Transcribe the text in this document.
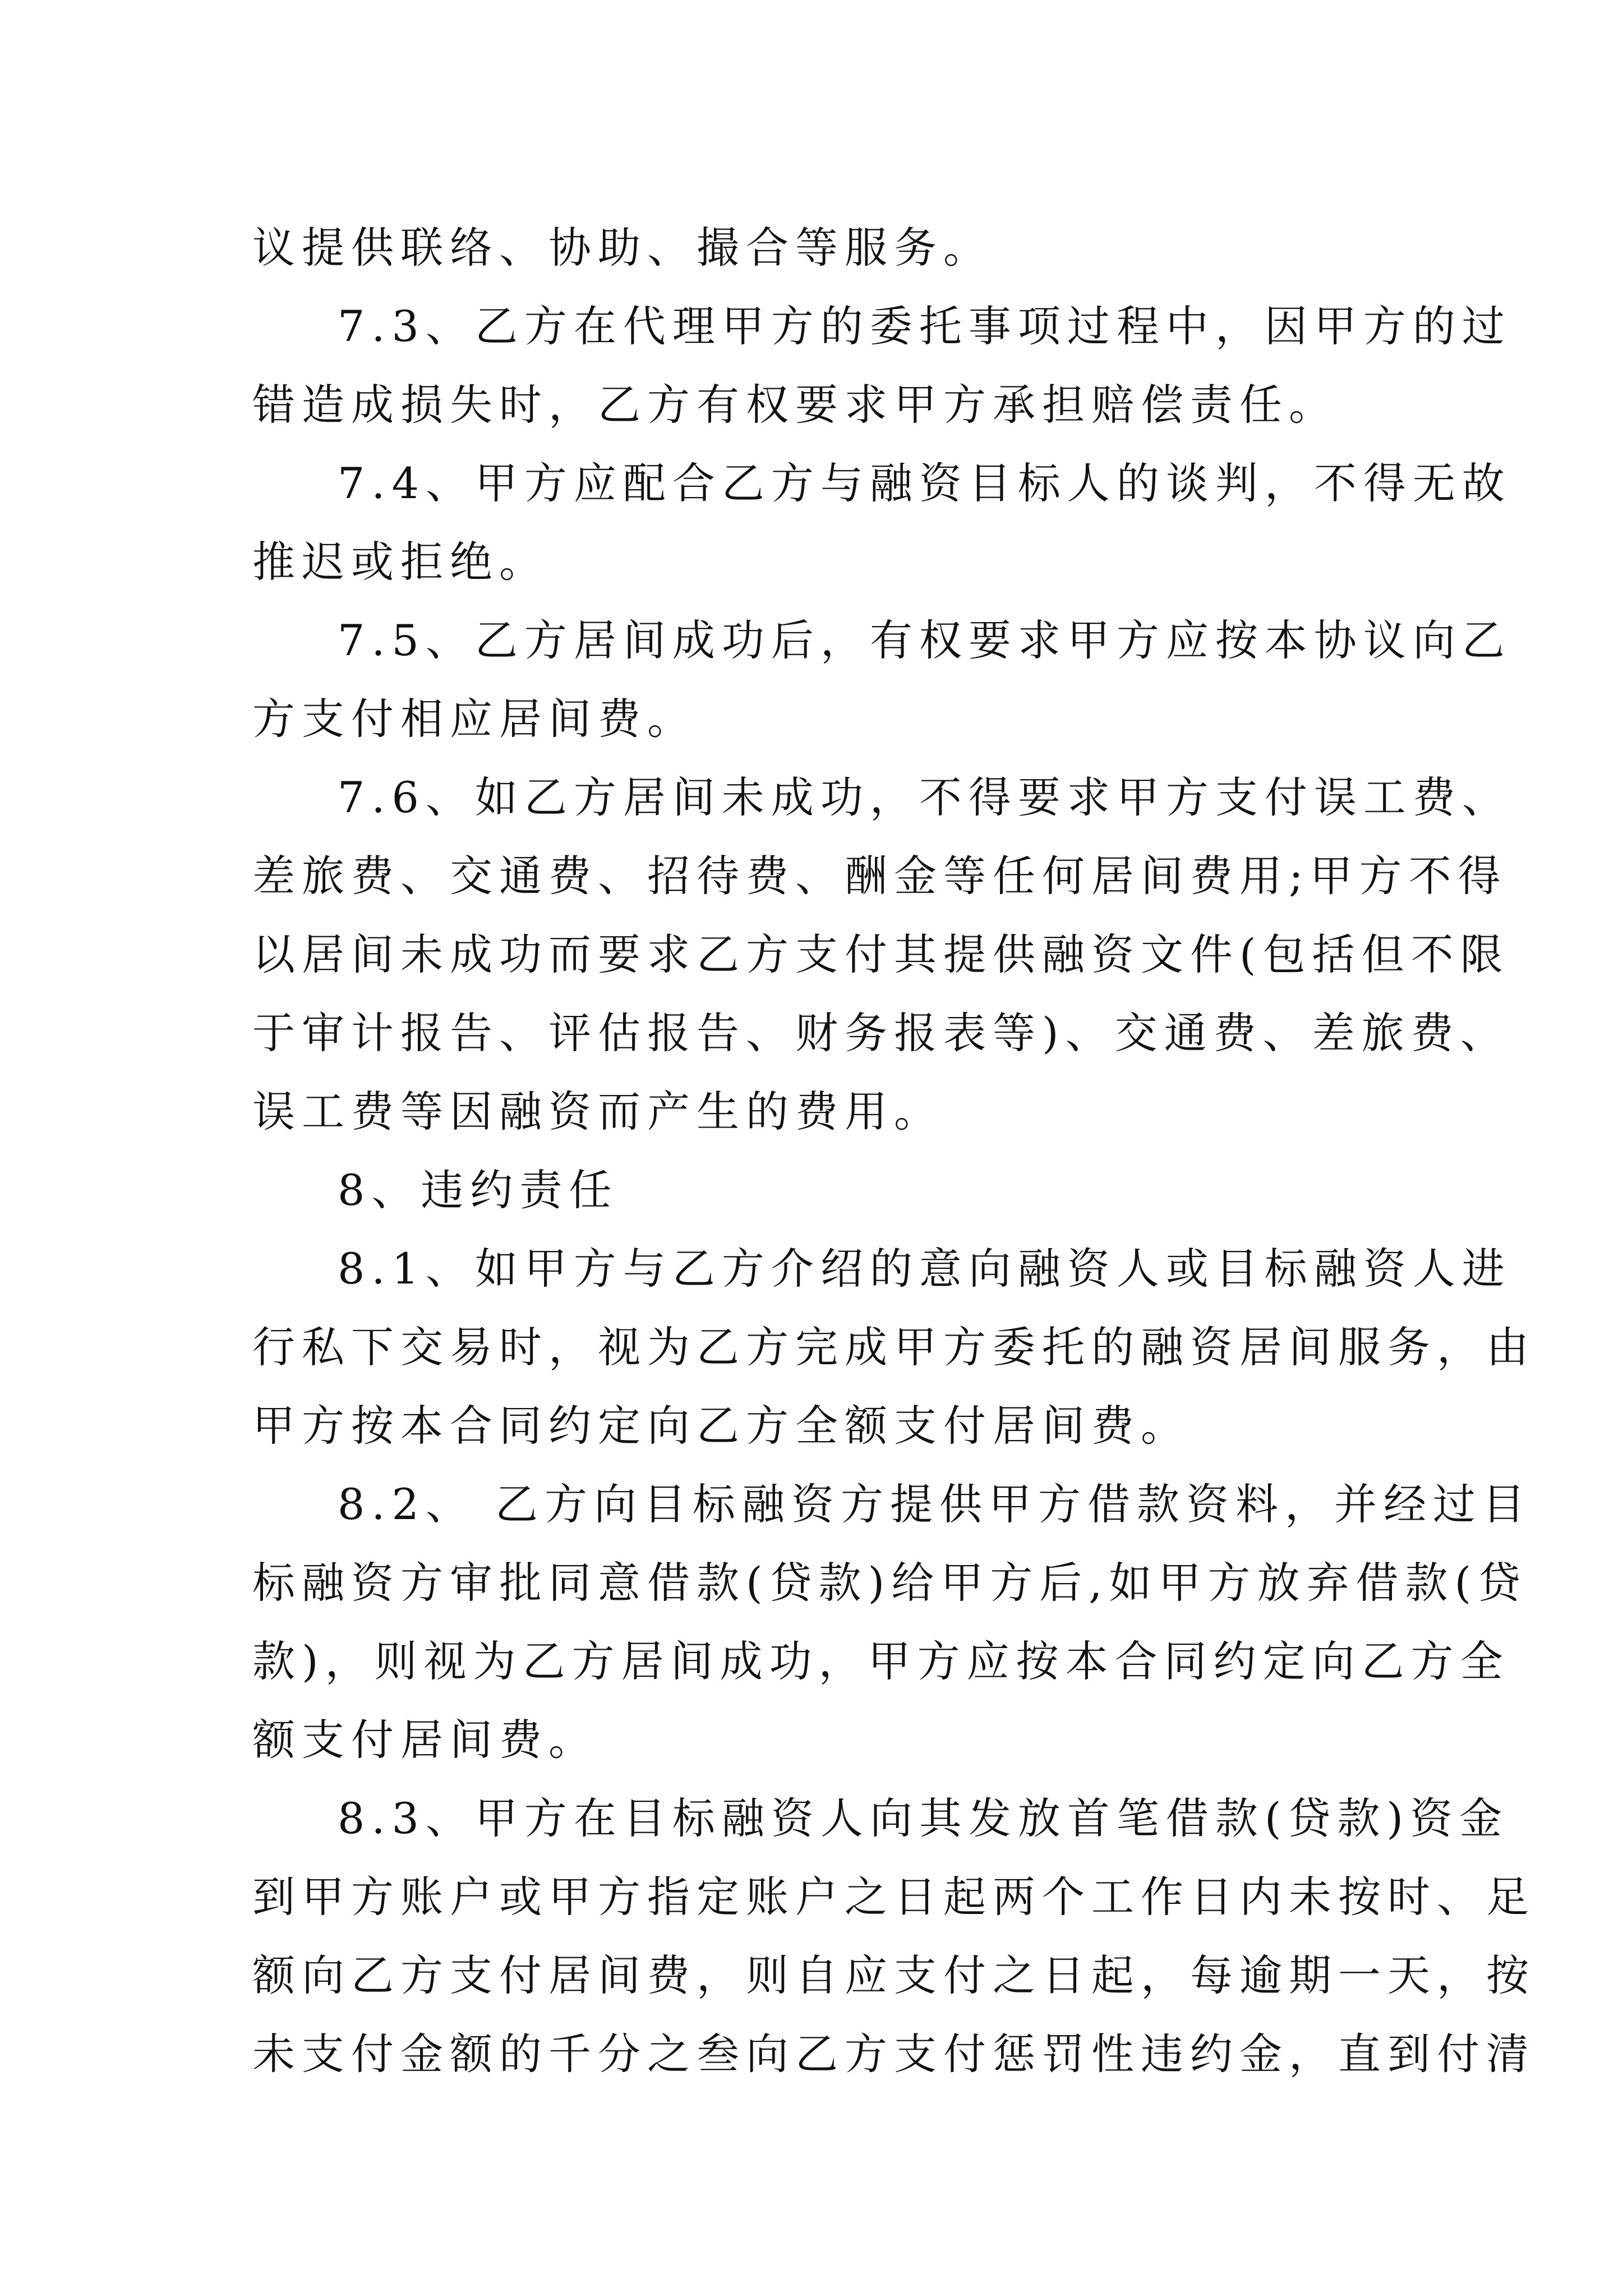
议提供联络、协助、撮合等服务。
7.3、乙方在代理甲方的委托事项过程中，因甲方的过
错造成损失时，乙方有权要求甲方承担赔偿责任。
7.4、甲方应配合乙方与融资目标人的谈判，不得无故
推迟或拒绝。
7.5、乙方居间成功后，有权要求甲方应按本协议向乙
方支付相应居间费。
7.6、如乙方居间未成功，不得要求甲方支付误工费、
差旅费、交通费、招待费、酬金等任何居间费用;甲方不得
以居间未成功而要求乙方支付其提供融资文件(包括但不限
于审计报告、评估报告、财务报表等)、交通费、差旅费、
误工费等因融资而产生的费用。
8、违约责任
8.1、如甲方与乙方介绍的意向融资人或目标融资人进
行私下交易时，视为乙方完成甲方委托的融资居间服务，由
甲方按本合同约定向乙方全额支付居间费。
8.2、 乙方向目标融资方提供甲方借款资料，并经过目
标融资方审批同意借款(贷款)给甲方后,如甲方放弃借款(贷
款)，则视为乙方居间成功，甲方应按本合同约定向乙方全
额支付居间费。
8.3、甲方在目标融资人向其发放首笔借款(贷款)资金
到甲方账户或甲方指定账户之日起两个工作日内未按时、足
额向乙方支付居间费，则自应支付之日起，每逾期一天，按
未支付金额的千分之叁向乙方支付惩罚性违约金，直到付清
